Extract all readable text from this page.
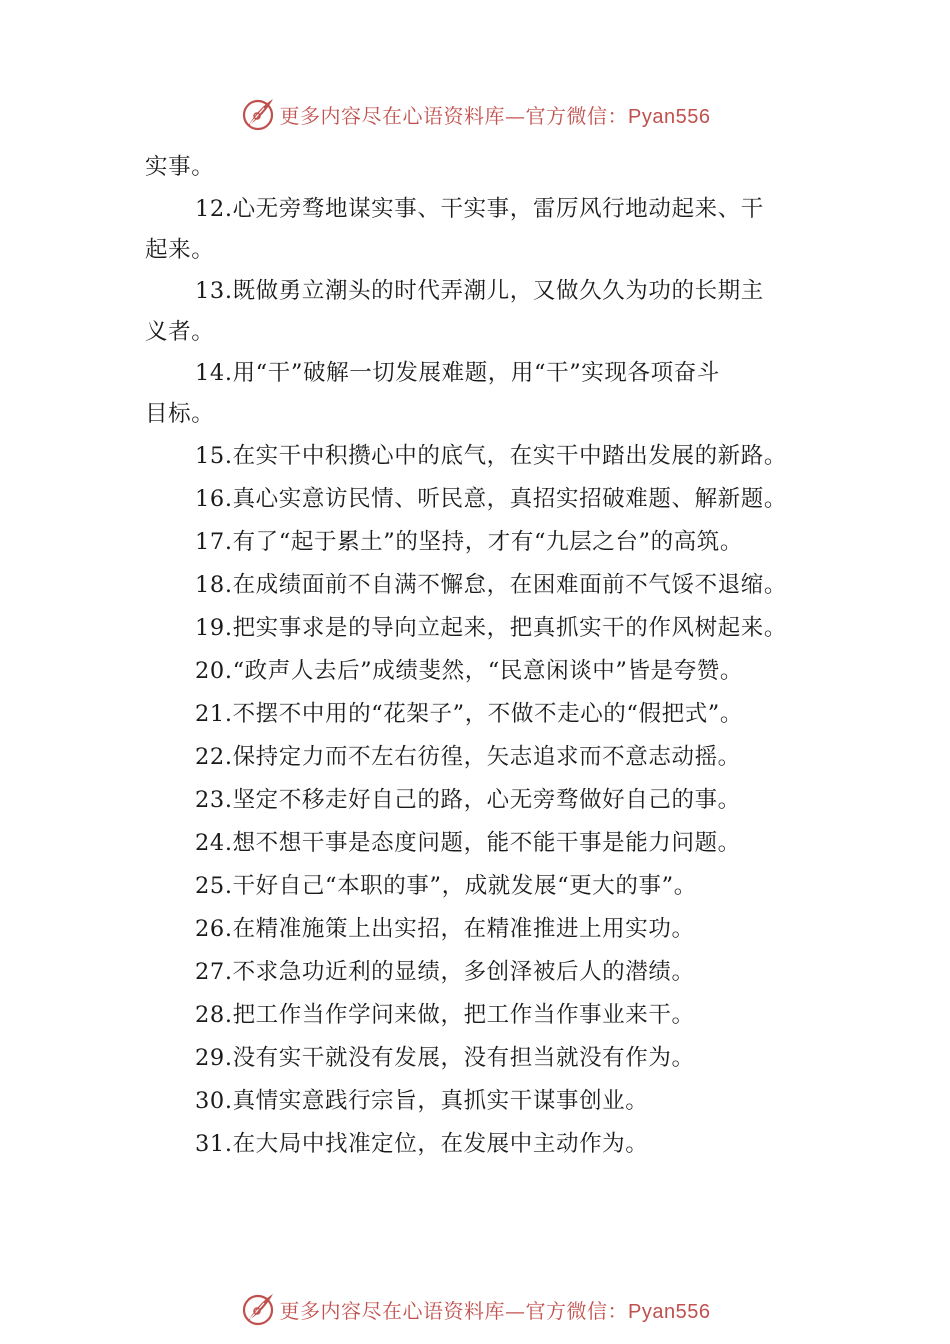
更多内容尽在心语资料库—官方微信：Pyan556
实事。
12.心无旁骛地谋实事、干实事，雷厉风行地动起来、干
起来。
13.既做勇立潮头的时代弄潮儿，又做久久为功的长期主
义者。
14.用“干”破解一切发展难题，用“干”实现各项奋斗
目标。
15.在实干中积攒心中的底气，在实干中踏出发展的新路。
16.真心实意访民情、听民意，真招实招破难题、解新题。
17.有了“起于累土”的坚持，才有“九层之台”的高筑。
18.在成绩面前不自满不懈怠，在困难面前不气馁不退缩。
19.把实事求是的导向立起来，把真抓实干的作风树起来。
20.“政声人去后”成绩斐然，“民意闲谈中”皆是夸赞。
21.不摆不中用的“花架子”，不做不走心的“假把式”。
22.保持定力而不左右彷徨，矢志追求而不意志动摇。
23.坚定不移走好自己的路，心无旁骛做好自己的事。
24.想不想干事是态度问题，能不能干事是能力问题。
25.干好自己“本职的事”，成就发展“更大的事”。
26.在精准施策上出实招，在精准推进上用实功。
27.不求急功近利的显绩，多创泽被后人的潜绩。
28.把工作当作学问来做，把工作当作事业来干。
29.没有实干就没有发展，没有担当就没有作为。
30.真情实意践行宗旨，真抓实干谋事创业。
31.在大局中找准定位，在发展中主动作为。
更多内容尽在心语资料库—官方微信：Pyan556
